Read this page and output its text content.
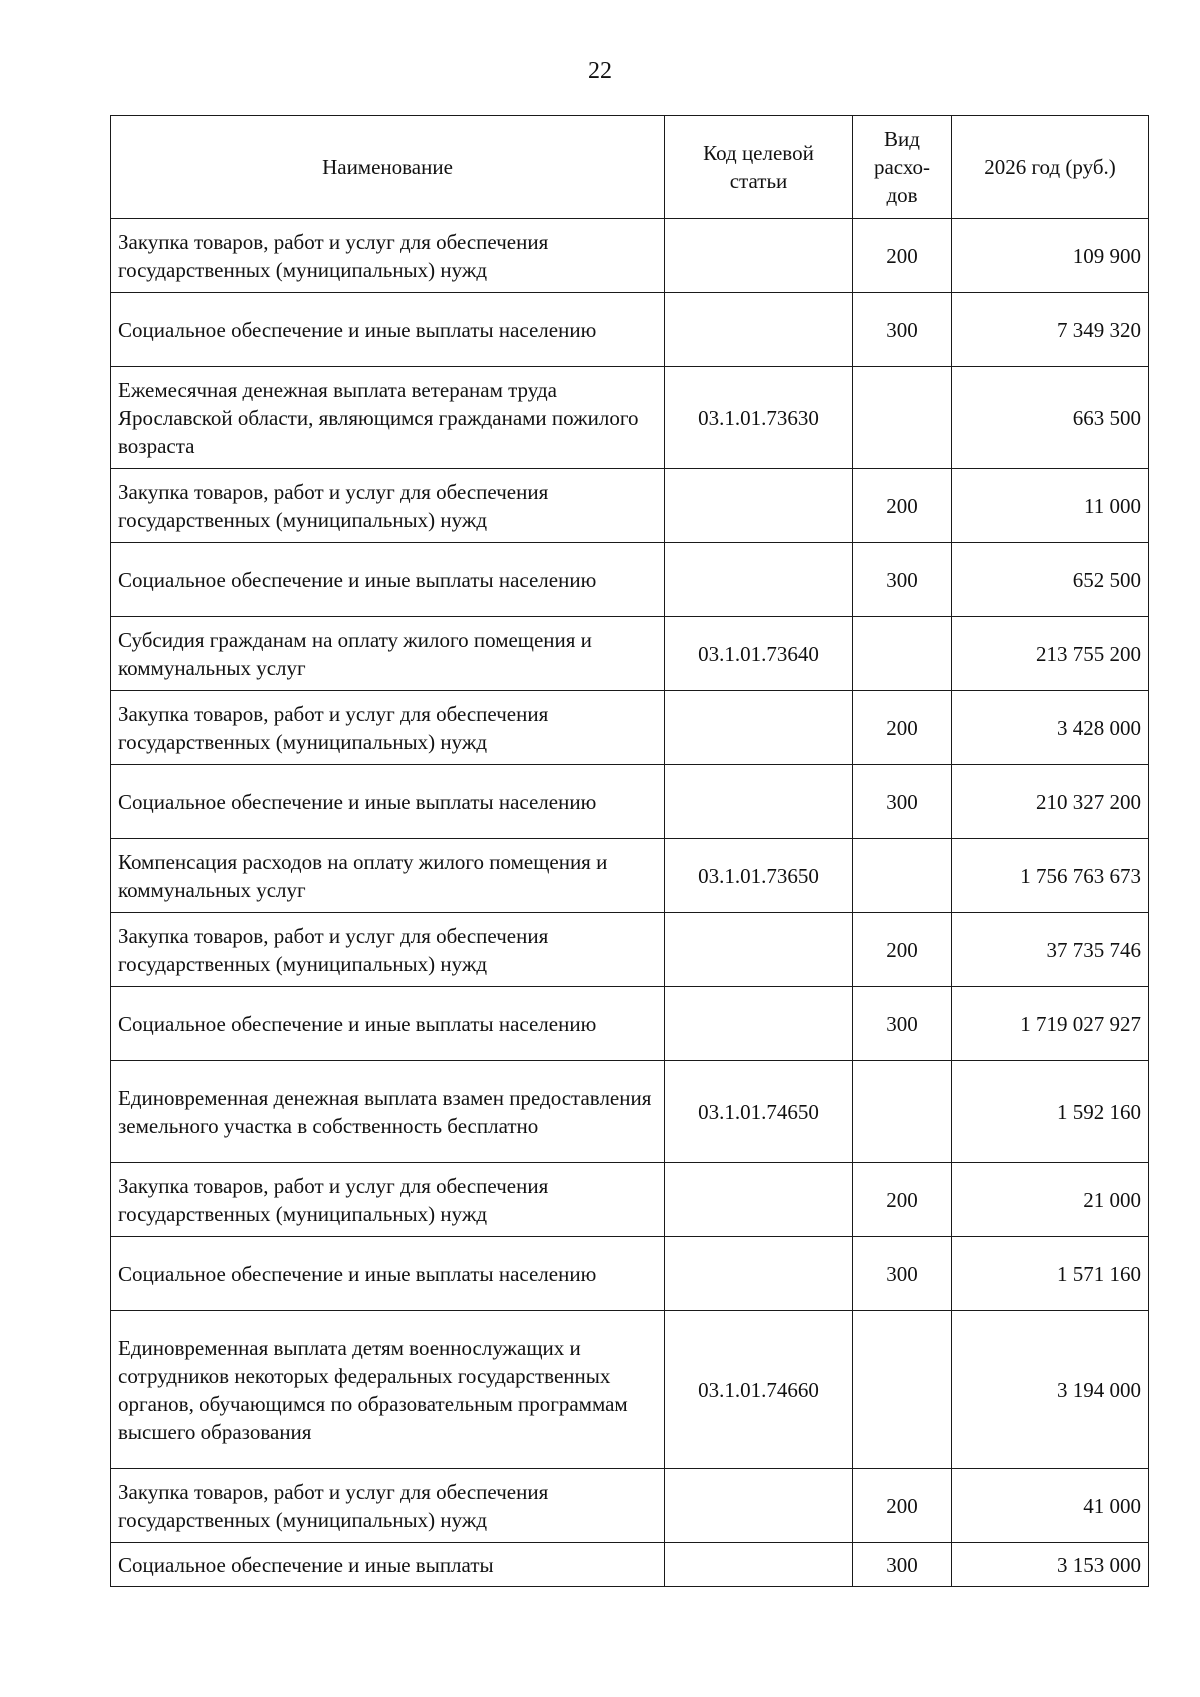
22
Наименование	Код целевой статьи	Вид расхо-дов	2026 год (руб.)
Закупка товаров, работ и услуг для обеспечения государственных (муниципальных) нужд		200	109 900
Социальное обеспечение и иные выплаты населению		300	7 349 320
Ежемесячная денежная выплата ветеранам труда Ярославской области, являющимся гражданами пожилого возраста	03.1.01.73630		663 500
Закупка товаров, работ и услуг для обеспечения государственных (муниципальных) нужд		200	11 000
Социальное обеспечение и иные выплаты населению		300	652 500
Субсидия гражданам на оплату жилого помещения и коммунальных услуг	03.1.01.73640		213 755 200
Закупка товаров, работ и услуг для обеспечения государственных (муниципальных) нужд		200	3 428 000
Социальное обеспечение и иные выплаты населению		300	210 327 200
Компенсация расходов на оплату жилого помещения и коммунальных услуг	03.1.01.73650		1 756 763 673
Закупка товаров, работ и услуг для обеспечения государственных (муниципальных) нужд		200	37 735 746
Социальное обеспечение и иные выплаты населению		300	1 719 027 927
Единовременная денежная выплата взамен предоставления земельного участка в собственность бесплатно	03.1.01.74650		1 592 160
Закупка товаров, работ и услуг для обеспечения государственных (муниципальных) нужд		200	21 000
Социальное обеспечение и иные выплаты населению		300	1 571 160
Единовременная выплата детям военнослужащих и сотрудников некоторых федеральных государственных органов, обучающимся по образовательным программам высшего образования	03.1.01.74660		3 194 000
Закупка товаров, работ и услуг для обеспечения государственных (муниципальных) нужд		200	41 000
Социальное обеспечение и иные выплаты		300	3 153 000
